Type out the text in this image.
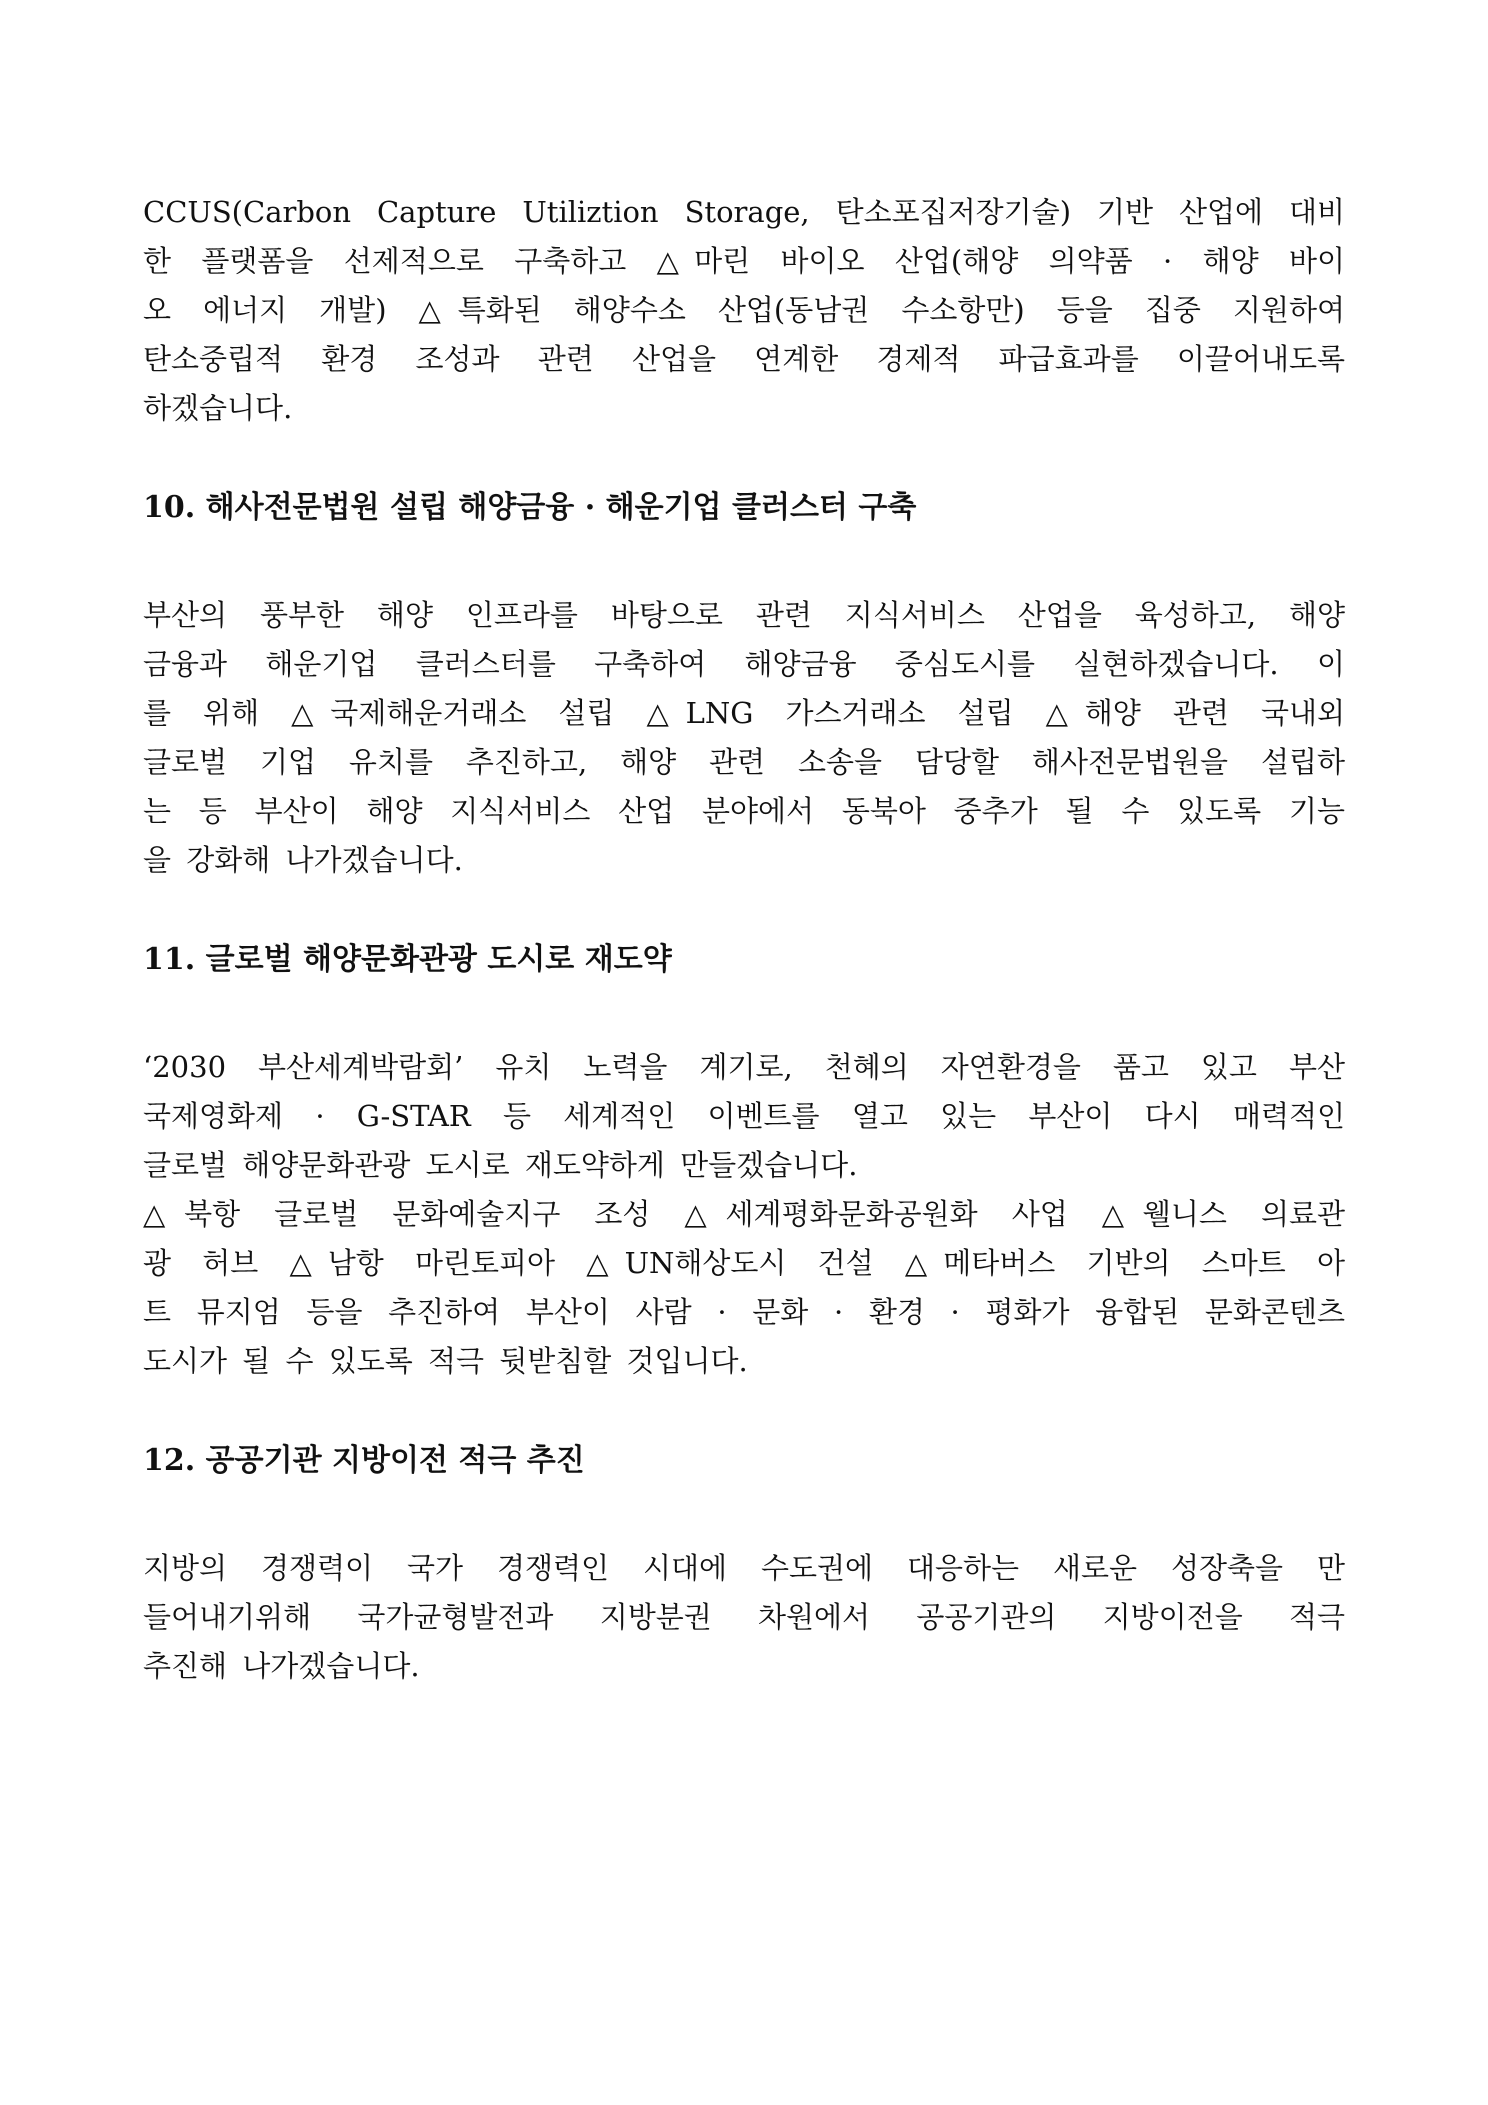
CCUS(Carbon Capture Utiliztion Storage, 탄소포집저장기술) 기반 산업에 대비
한 플랫폼을 선제적으로 구축하고 △마린 바이오 산업(해양 의약품 · 해양 바이
오 에너지 개발) △특화된 해양수소 산업(동남권 수소항만) 등을 집중 지원하여
탄소중립적 환경 조성과 관련 산업을 연계한 경제적 파급효과를 이끌어내도록
하겠습니다.
10. 해사전문법원 설립 해양금융 · 해운기업 클러스터 구축
부산의 풍부한 해양 인프라를 바탕으로 관련 지식서비스 산업을 육성하고, 해양
금융과 해운기업 클러스터를 구축하여 해양금융 중심도시를 실현하겠습니다. 이
를 위해 △국제해운거래소 설립 △LNG 가스거래소 설립 △해양 관련 국내외
글로벌 기업 유치를 추진하고, 해양 관련 소송을 담당할 해사전문법원을 설립하
는 등 부산이 해양 지식서비스 산업 분야에서 동북아 중추가 될 수 있도록 기능
을 강화해 나가겠습니다.
11. 글로벌 해양문화관광 도시로 재도약
‘2030 부산세계박람회’ 유치 노력을 계기로, 천혜의 자연환경을 품고 있고 부산
국제영화제 · G-STAR 등 세계적인 이벤트를 열고 있는 부산이 다시 매력적인
글로벌 해양문화관광 도시로 재도약하게 만들겠습니다.
△북항 글로벌 문화예술지구 조성 △세계평화문화공원화 사업 △웰니스 의료관
광 허브 △남항 마린토피아 △UN해상도시 건설 △메타버스 기반의 스마트 아
트 뮤지엄 등을 추진하여 부산이 사람 · 문화 · 환경 · 평화가 융합된 문화콘텐츠
도시가 될 수 있도록 적극 뒷받침할 것입니다.
12. 공공기관 지방이전 적극 추진
지방의 경쟁력이 국가 경쟁력인 시대에 수도권에 대응하는 새로운 성장축을 만
들어내기위해 국가균형발전과 지방분권 차원에서 공공기관의 지방이전을 적극
추진해 나가겠습니다.
